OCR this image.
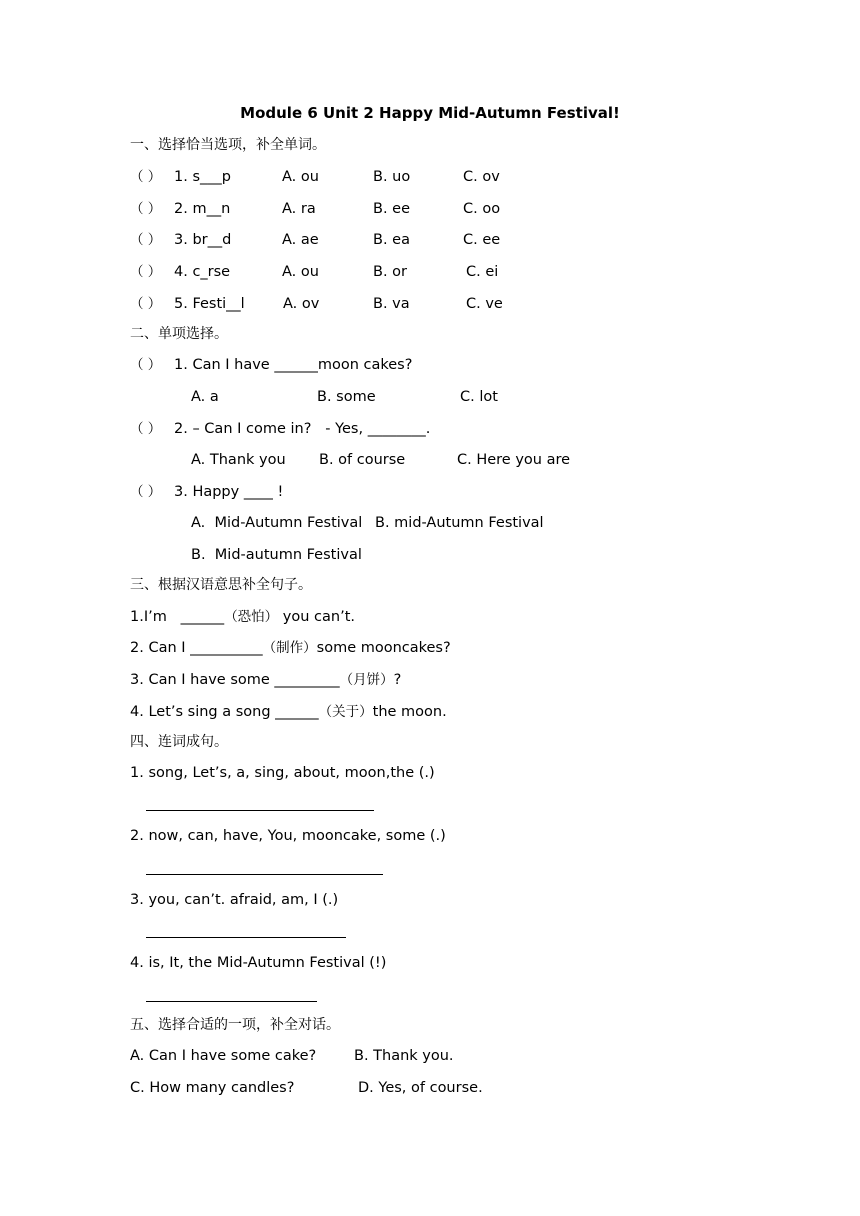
Module 6 Unit 2 Happy Mid-Autumn Festival!
一、选择恰当选项，补全单词。
（ ） 1. s___p	A. ou	B. uo	C. ov
（ ） 2. m__n	A. ra	B. ee	C. oo
（ ） 3. br__d	A. ae	B. ea	C. ee
（ ） 4. c_rse	A. ou	B. or	C. ei
（ ） 5. Festi__l	A. ov	B. va	C. ve
二、单项选择。
（ ） 1. Can I have ______moon cakes?
A. a	B. some	C. lot
（ ） 2. – Can I come in?   - Yes, ________.
A. Thank you B. of course	C. Here you are
（ ） 3. Happy ____ !
A.  Mid-Autumn Festival B. mid-Autumn Festival
B.  Mid-autumn Festival
三、根据汉语意思补全句子。
1.I’m   ______（恐怕） you can’t.
2. Can I __________（制作）some mooncakes?
3. Can I have some _________（月饼）?
4. Let’s sing a song ______（关于）the moon.
四、连词成句。
1. song, Let’s, a, sing, about, moon,the (.)
2. now, can, have, You, mooncake, some (.)
3. you, can’t. afraid, am, I (.)
4. is, It, the Mid-Autumn Festival (!)
五、选择合适的一项，补全对话。
A. Can I have some cake?	B. Thank you.
C. How many candles?	D. Yes, of course.
